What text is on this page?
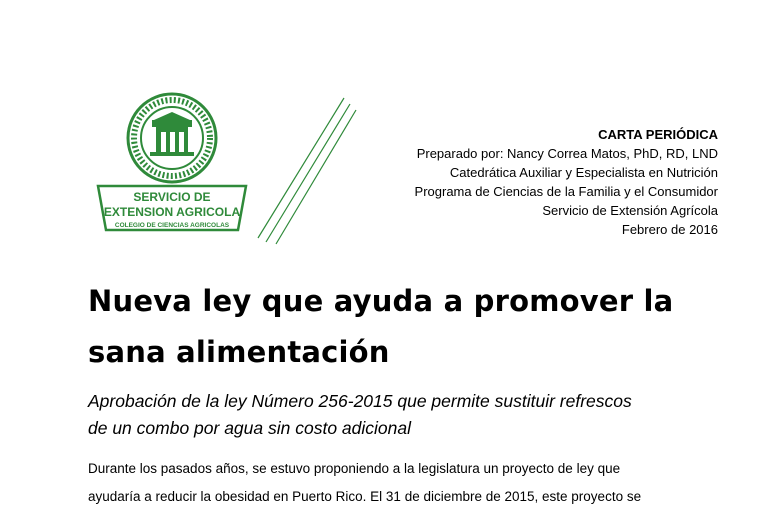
SERVICIO DE
EXTENSION AGRICOLA
COLEGIO DE CIENCIAS AGRICOLAS
CARTA PERIÓDICA
Preparado por: Nancy Correa Matos, PhD, RD, LND
Catedrática Auxiliar y Especialista en Nutrición
Programa de Ciencias de la Familia y el Consumidor
Servicio de Extensión Agrícola
Febrero de 2016
Nueva ley que ayuda a promover la
sana alimentación
Aprobación de la ley Número 256-2015 que permite sustituir refrescos
de un combo por agua sin costo adicional

Durante los pasados años, se estuvo proponiendo a la legislatura un proyecto de ley que

ayudaría a reducir la obesidad en Puerto Rico. El 31 de diciembre de 2015, este proyecto se
